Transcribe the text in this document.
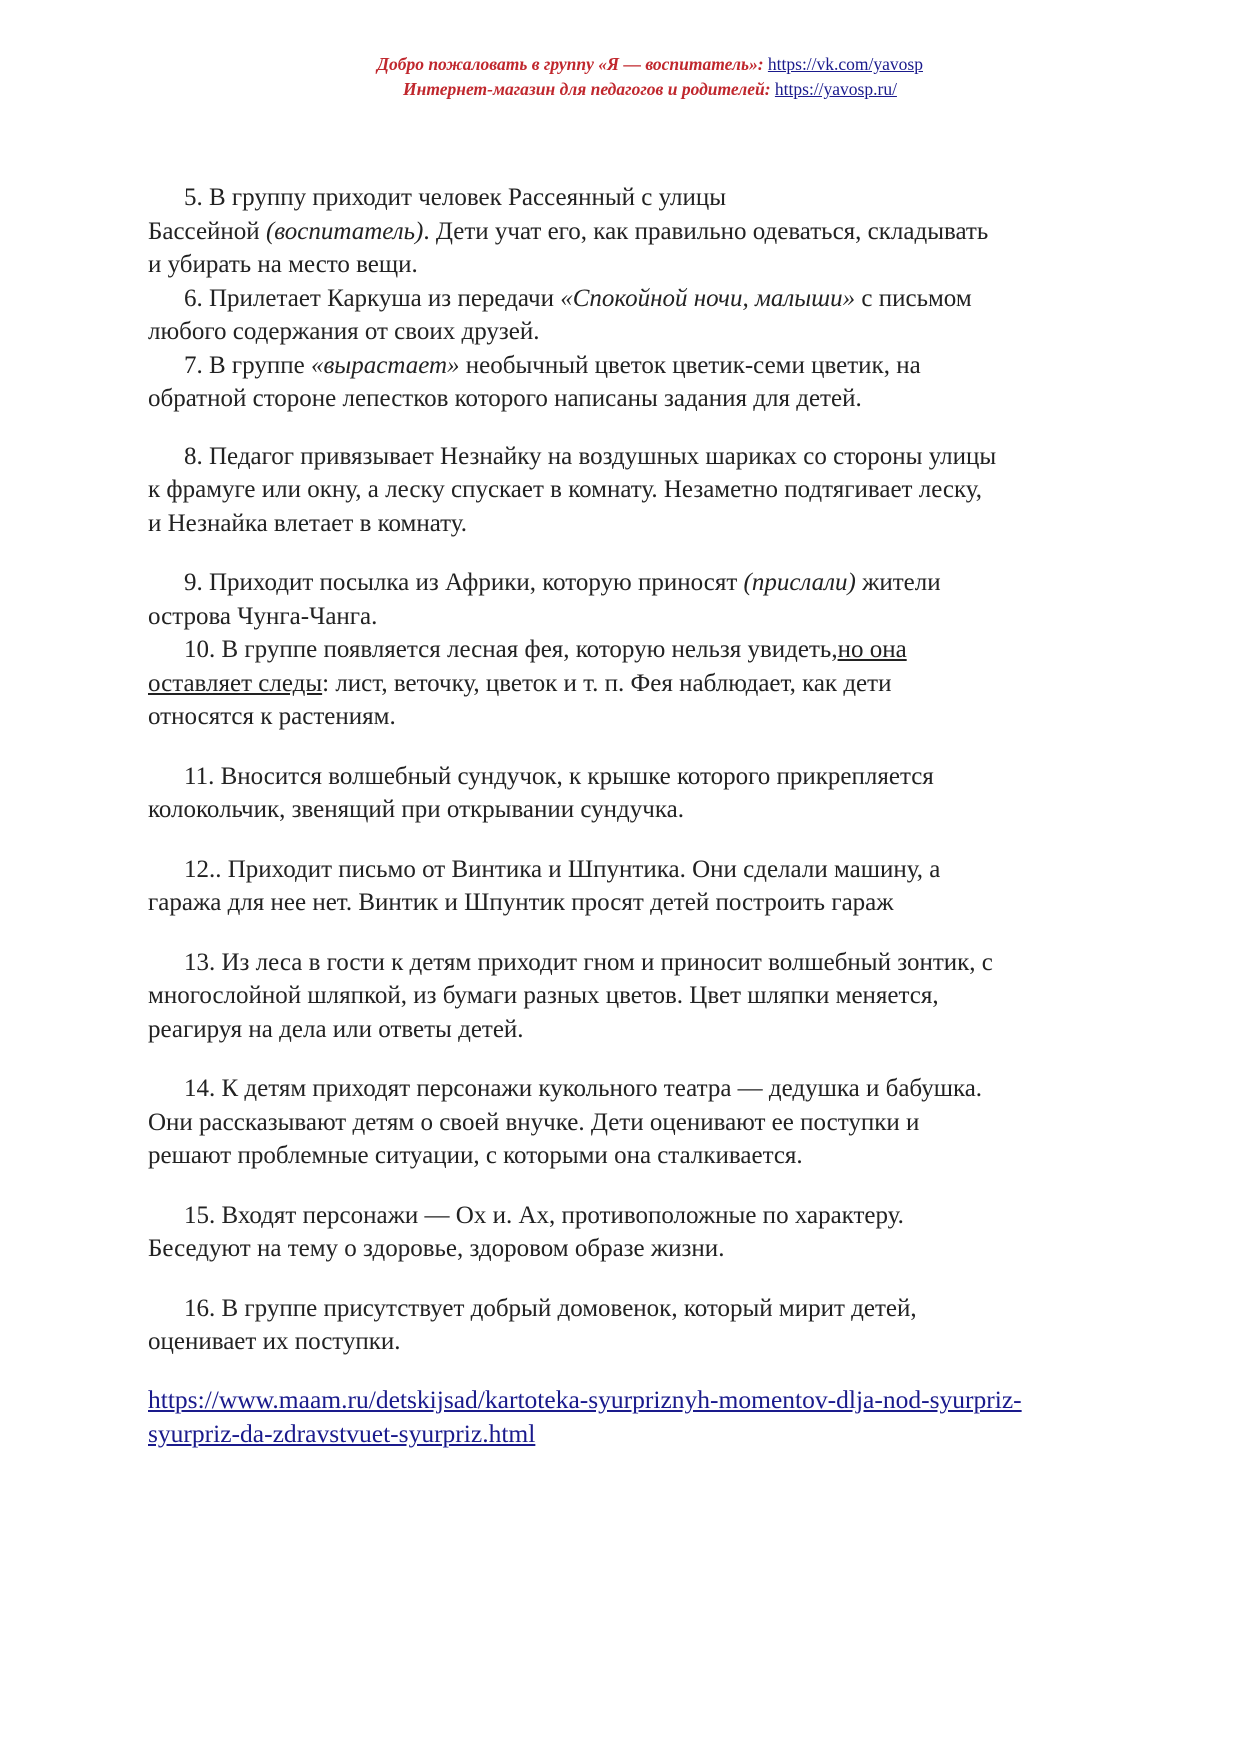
Добро пожаловать в группу «Я — воспитатель»: https://vk.com/yavosp
Интернет-магазин для педагогов и родителей: https://yavosp.ru/

5. В группу приходит человек Рассеянный с улицы

Бассейной (воспитатель). Дети учат его, как правильно одеваться, складывать

и убирать на место вещи.

6. Прилетает Каркуша из передачи «Спокойной ночи, малыши» с письмом

любого содержания от своих друзей.

7. В группе «вырастает» необычный цветок цветик-семи цветик, на

обратной стороне лепестков которого написаны задания для детей.

8. Педагог привязывает Незнайку на воздушных шариках со стороны улицы

к фрамуге или окну, а леску спускает в комнату. Незаметно подтягивает леску,

и Незнайка влетает в комнату.

9. Приходит посылка из Африки, которую приносят (прислали) жители

острова Чунга-Чанга.

10. В группе появляется лесная фея, которую нельзя увидеть,но она

оставляет следы: лист, веточку, цветок и т. п. Фея наблюдает, как дети

относятся к растениям.

11. Вносится волшебный сундучок, к крышке которого прикрепляется

колокольчик, звенящий при открывании сундучка.

12.. Приходит письмо от Винтика и Шпунтика. Они сделали машину, а

гаража для нее нет. Винтик и Шпунтик просят детей построить гараж

13. Из леса в гости к детям приходит гном и приносит волшебный зонтик, с

многослойной шляпкой, из бумаги разных цветов. Цвет шляпки меняется,

реагируя на дела или ответы детей.

14. К детям приходят персонажи кукольного театра — дедушка и бабушка.

Они рассказывают детям о своей внучке. Дети оценивают ее поступки и

решают проблемные ситуации, с которыми она сталкивается.

15. Входят персонажи — Ох и. Ах, противоположные по характеру.

Беседуют на тему о здоровье, здоровом образе жизни.

16. В группе присутствует добрый домовенок, который мирит детей,

оценивает их поступки.

https://www.maam.ru/detskijsad/kartoteka-syurpriznyh-momentov-dlja-nod-syurpriz-
syurpriz-da-zdravstvuet-syurpriz.html
